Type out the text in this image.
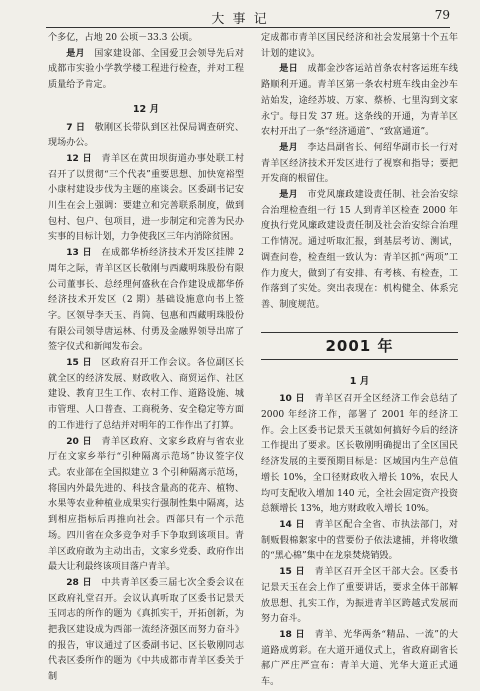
大 事 记	79

个多亿，占地 20 公顷－33.3 公顷。

是月  国家建设部、全国爱卫会领导先后对成都市实验小学教学楼工程进行检查，并对工程质量给予肯定。

12 月

7 日  敬刚区长带队到区社保局调查研究、现场办公。

12 日  青羊区在黄田坝街道办事处联工村召开了以贯彻“三个代表”重要思想、加快宽裕型小康村建设步伐为主题的座谈会。区委副书记安川生在会上强调：要建立和完善联系制度，做到包村、包户、包项目，进一步制定和完善为民办实事的目标计划，力争使我区三年内消除贫困。

13 日  在成都华桥经济技术开发区挂牌 2 周年之际，青羊区区长敬刚与西藏明珠股份有限公司董事长、总经理何盛秋在合作建设成都华侨经济技术开发区（2 期）基础设施意向书上签字。区领导李天玉、肖筒、包惠和西藏明珠股份有限公司领导唐运林、付勇及金融界领导出席了签字仪式和新闻发布会。

15 日  区政府召开工作会议。各位副区长就全区的经济发展、财政收入、商贸运作、社区建设、教育卫生工作、农村工作、道路设施、城市管理、人口普查、工商税务、安全稳定等方面的工作进行了总结并对明年的工作作出了打算。

20 日  青羊区政府、文家乡政府与省农业厅在文家乡举行“引种隔离示范场”协议签字仪式。农业部在全国拟建立 3 个引种隔离示范场，将国内外最先进的、科技含量高的花卉、植物、水果等农业种植业成果实行强制性集中隔离，达到相应指标后再推向社会。西部只有一个示范场。四川省在众多竞争对手下争取到该项目。青羊区政府敢为主动出击，文家乡党委、政府作出最大让利最终该项目落户青羊。

28 日  中共青羊区委三届七次全委会议在区政府礼堂召开。会议认真听取了区委书记景天玉同志的所作的题为《真抓实干，开拓创新，为把我区建设成为西部一流经济强区而努力奋斗》的报告，审议通过了区委副书记、区长敬刚同志代表区委所作的题为《中共成都市青羊区委关于制

定成都市青羊区国民经济和社会发展第十个五年计划的建议》。

是日  成都金沙客运站首条农村客运班车线路顺利开通。青羊区第一条农村班车线由金沙车站始发，途经苏坡、万家、蔡桥、七里沟到文家永宁。每日发 37 班。这条线的开通，为青羊区农村开出了一条“经济通道”、“致富通道”。

是月  李达昌副省长、何绍华副市长一行对青羊区经济技术开发区进行了视察和指导；要把开发商的根留住。

是月  市党风廉政建设责任制、社会治安综合治理检查组一行 15 人到青羊区检查 2000 年度执行党风廉政建设责任制及社会治安综合治理工作情况。通过听取汇报，到基层考访、测试，调查问卷，检查组一致认为：青羊区抓“两项”工作力度大，做到了有安排、有考核、有检查，工作落到了实处。突出表现在：机构健全、体系完善、制度规范。

2001 年
1 月

10 日  青羊区召开全区经济工作会总结了 2000 年经济工作，部署了 2001 年的经济工作。会上区委书记景天玉就如何搞好今后的经济工作提出了要求。区长敬刚明确提出了全区国民经济发展的主要预期目标是：区域国内生产总值增长 10%，全口径财政收入增长 10%，农民人均可支配收入增加 140 元，全社会固定资产投资总额增长 13%，地方财政收入增长 10%。

14 日  青羊区配合全省、市执法部门，对制贩假棉絮家中的营要份子依法逮捕，并将收缴的“黑心棉”集中在龙泉焚烧销毁。

15 日  青羊区召开全区干部大会。区委书记景天玉在会上作了重要讲话，要求全体干部解放思想、扎实工作，为振进青羊区跨越式发展而努力奋斗。

18 日  青羊、光华两条“精品、一流”的大道路成剪彩。在大道开通仪式上，省政府副省长郝广严庄严宣布：青羊大道、光华大道正式通车。
